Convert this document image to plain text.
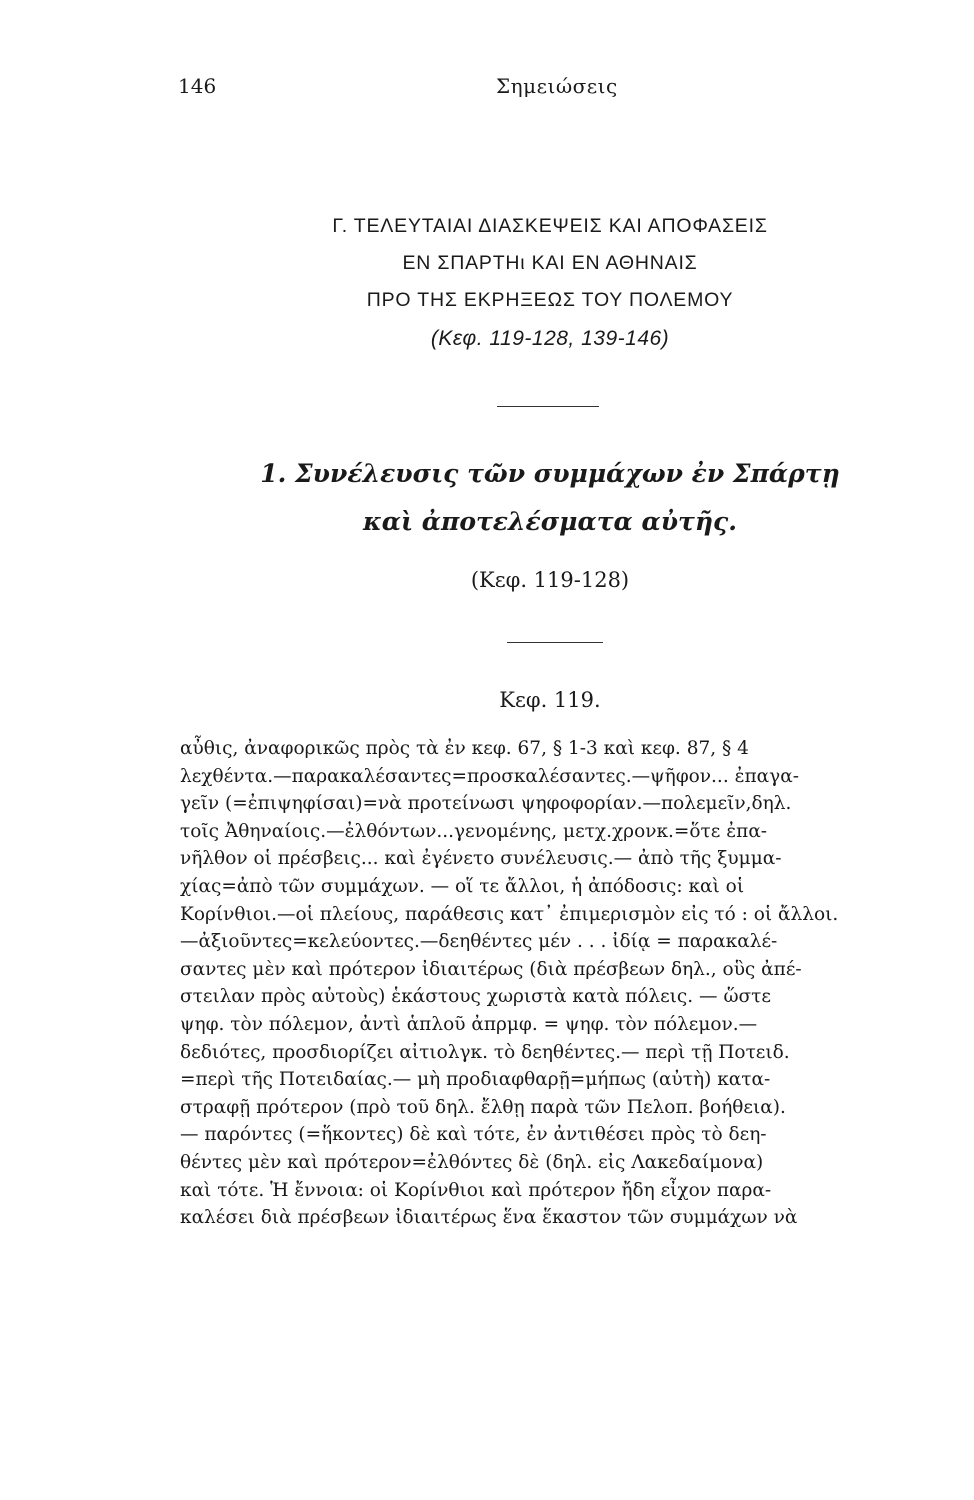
146	Σημειώσεις
Γ. ΤΕΛΕΥΤΑΙΑΙ ΔΙΑΣΚΕΨΕΙΣ ΚΑΙ ΑΠΟΦΑΣΕΙΣ
ΕΝ ΣΠΑΡΤΗι ΚΑΙ ΕΝ ΑΘΗΝΑΙΣ
ΠΡΟ ΤΗΣ ΕΚΡΗΞΕΩΣ ΤΟΥ ΠΟΛΕΜΟΥ
(Κεφ. 119-128, 139-146)
1. Συνέλευσις τῶν συμμάχων ἐν Σπάρτῃ
καὶ ἀποτελέσματα αὐτῆς.
(Κεφ. 119-128)
Κεφ. 119.
αὖθις, ἀναφορικῶς πρὸς τὰ ἐν κεφ. 67, § 1-3 καὶ κεφ. 87, § 4
λεχθέντα.—παρακαλέσαντες=προσκαλέσαντες.—ψῆφον... ἐπαγα-
γεῖν (=ἐπιψηφίσαι)=νὰ προτείνωσι ψηφοφορίαν.—πολεμεῖν,δηλ.
τοῖς Ἀθηναίοις.—ἐλθόντων...γενομένης, μετχ.χρονκ.=ὅτε ἐπα-
νῆλθον οἱ πρέσβεις... καὶ ἐγένετο συνέλευσις.— ἀπὸ τῆς ξυμμα-
χίας=ἀπὸ τῶν συμμάχων. — οἵ τε ἄλλοι, ἡ ἀπόδοσις: καὶ οἱ
Κορίνθιοι.—οἱ πλείους, παράθεσις κατ᾽ ἐπιμερισμὸν εἰς τό : οἱ ἄλλοι.
—ἀξιοῦντες=κελεύοντες.—δεηθέντες μέν . . . ἰδίᾳ = παρακαλέ-
σαντες μὲν καὶ πρότερον ἰδιαιτέρως (διὰ πρέσβεων δηλ., οὓς ἀπέ-
στειλαν πρὸς αὐτοὺς) ἑκάστους χωριστὰ κατὰ πόλεις. — ὥστε
ψηφ. τὸν πόλεμον, ἀντὶ ἁπλοῦ ἀπρμφ. = ψηφ. τὸν πόλεμον.—
δεδιότες, προσδιορίζει αἰτιολγκ. τὸ δεηθέντες.— περὶ τῇ Ποτειδ.
=περὶ τῆς Ποτειδαίας.— μὴ προδιαφθαρῇ=μήπως (αὐτὴ) κατα-
στραφῇ πρότερον (πρὸ τοῦ δηλ. ἔλθῃ παρὰ τῶν Πελοπ. βοήθεια).
— παρόντες (=ἥκοντες) δὲ καὶ τότε, ἐν ἀντιθέσει πρὸς τὸ δεη-
θέντες μὲν καὶ πρότερον=ἐλθόντες δὲ (δηλ. εἰς Λακεδαίμονα)
καὶ τότε. Ἡ ἔννοια: οἱ Κορίνθιοι καὶ πρότερον ἤδη εἶχον παρα-
καλέσει διὰ πρέσβεων ἰδιαιτέρως ἕνα ἕκαστον τῶν συμμάχων νὰ
